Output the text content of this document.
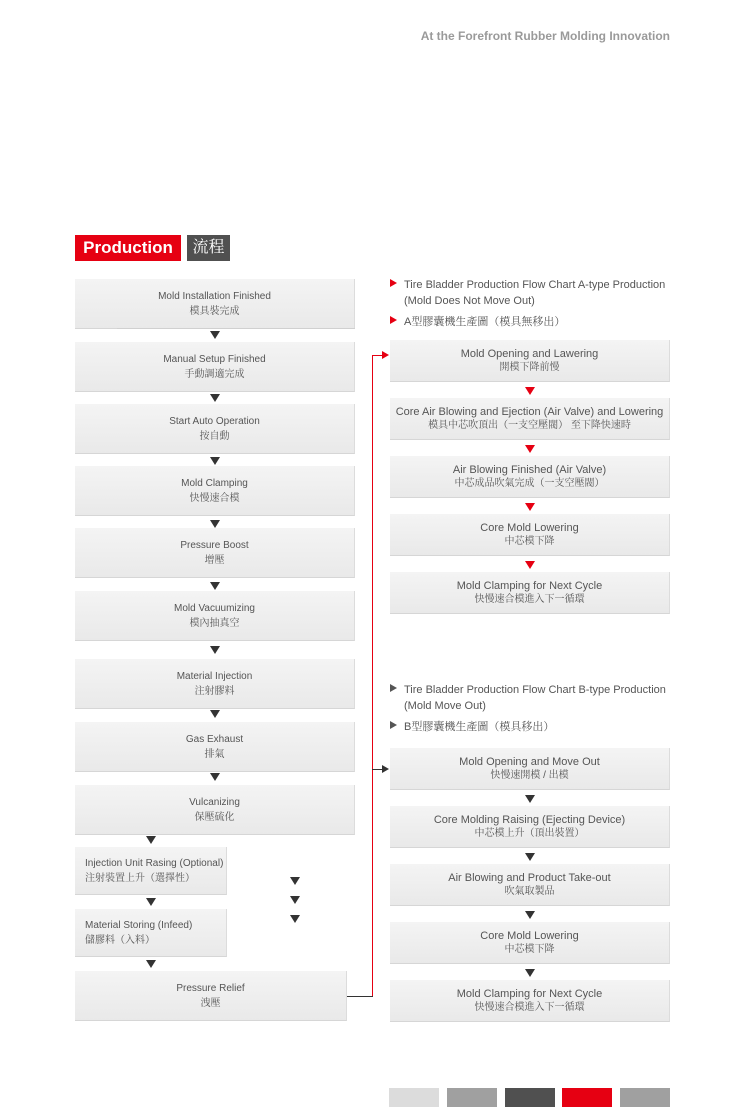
At the Forefront Rubber Molding Innovation
Production	流程
Mold Installation Finished
模具裝完成
Manual Setup Finished
手動調適完成
Start Auto Operation
按自動
Mold Clamping
快慢速合模
Pressure Boost
增壓
Mold Vacuumizing
模內抽真空
Material Injection
注射膠料
Gas Exhaust
排氣
Vulcanizing
保壓硫化
Injection Unit Rasing (Optional)
注射裝置上升（選擇性）
Material Storing (Infeed)
儲膠料（入料）
Pressure Relief
洩壓
Tire Bladder Production Flow Chart A-type Production
(Mold Does Not Move Out)
A型膠囊機生產圖（模具無移出）
Mold Opening and Lawering
開模下降前慢
Core Air Blowing and Ejection (Air Valve) and Lowering
模具中芯吹頂出（一支空壓閥） 至下降快速時
Air Blowing Finished (Air Valve)
中芯成品吹氣完成（一支空壓閥）
Core Mold Lowering
中芯模下降
Mold Clamping for Next Cycle
快慢速合模進入下一循環
Tire Bladder Production Flow Chart B-type Production
(Mold Move Out)
B型膠囊機生產圖（模具移出）
Mold Opening and Move Out
快慢速開模 / 出模
Core Molding Raising (Ejecting Device)
中芯模上升（頂出裝置）
Air Blowing and Product Take-out
吹氣取製品
Core Mold Lowering
中芯模下降
Mold Clamping for Next Cycle
快慢速合模進入下一循環
